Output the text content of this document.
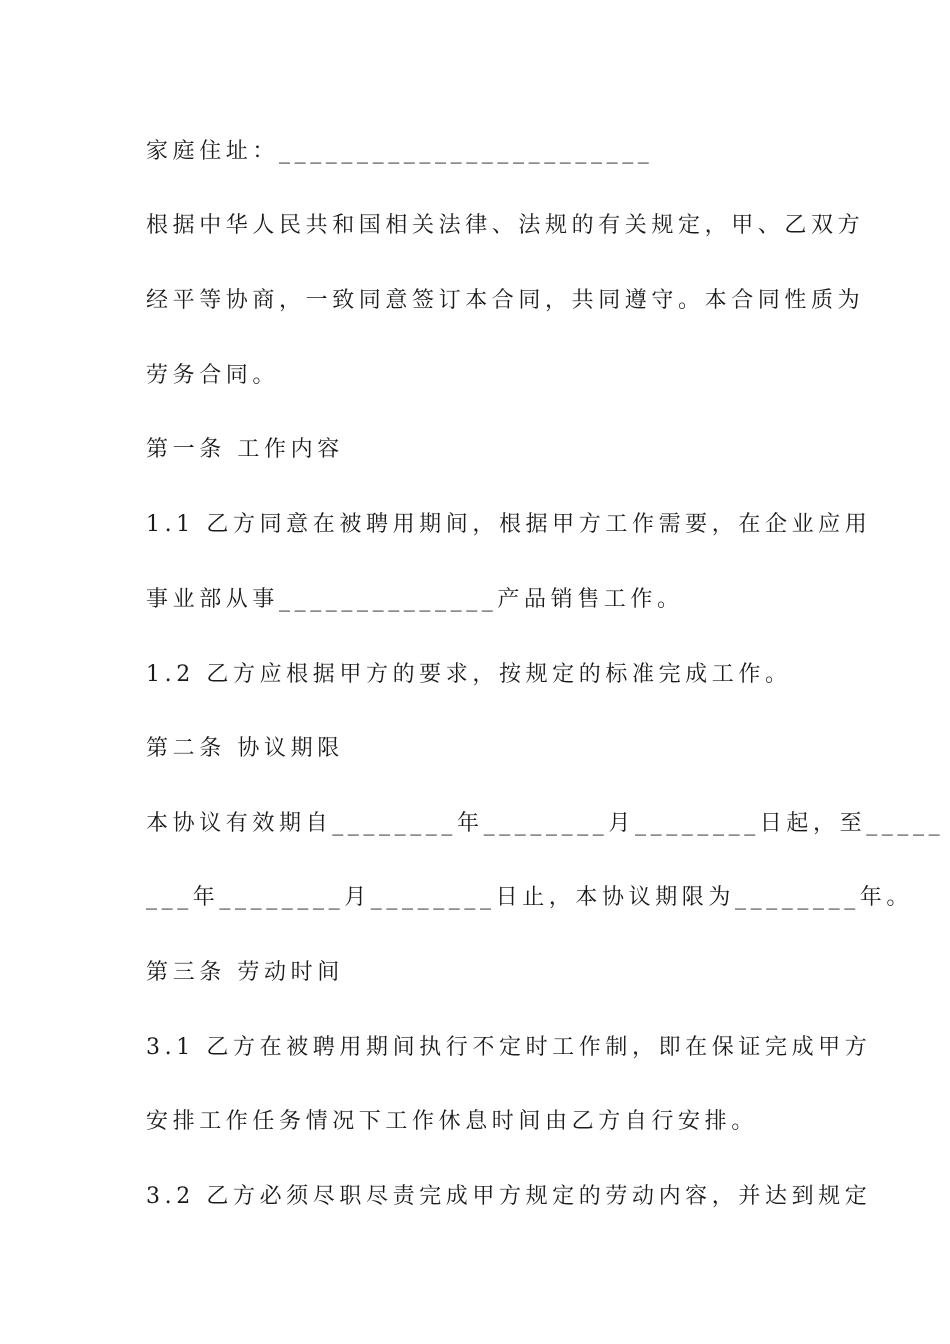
家庭住址：________________________
根据中华人民共和国相关法律、法规的有关规定，甲、乙双方
经平等协商，一致同意签订本合同，共同遵守。本合同性质为
劳务合同。
第一条 工作内容
1.1 乙方同意在被聘用期间，根据甲方工作需要，在企业应用
事业部从事______________产品销售工作。
1.2 乙方应根据甲方的要求，按规定的标准完成工作。
第二条 协议期限
本协议有效期自________年________月________日起，至_____
___年________月________日止，本协议期限为________年。
第三条 劳动时间
3.1 乙方在被聘用期间执行不定时工作制，即在保证完成甲方
安排工作任务情况下工作休息时间由乙方自行安排。
3.2 乙方必须尽职尽责完成甲方规定的劳动内容，并达到规定
